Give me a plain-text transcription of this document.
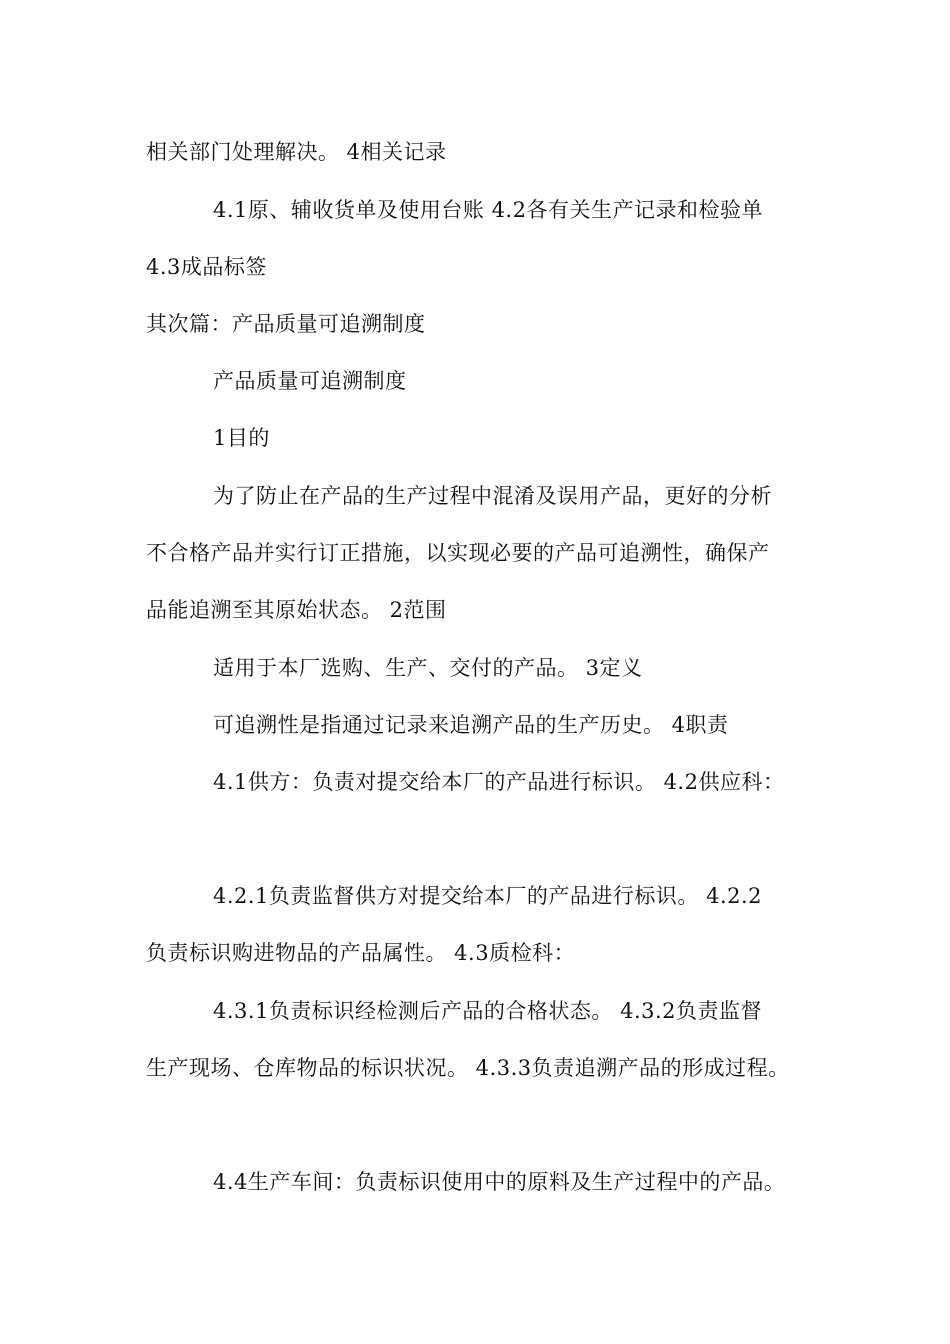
相关部门处理解决。 4相关记录
4.1原、辅收货单及使用台账 4.2各有关生产记录和检验单
4.3成品标签
其次篇：产品质量可追溯制度
产品质量可追溯制度
1目的
为了防止在产品的生产过程中混淆及误用产品，更好的分析
不合格产品并实行订正措施，以实现必要的产品可追溯性，确保产
品能追溯至其原始状态。 2范围
适用于本厂选购、生产、交付的产品。 3定义
可追溯性是指通过记录来追溯产品的生产历史。 4职责
4.1供方：负责对提交给本厂的产品进行标识。 4.2供应科：
4.2.1负责监督供方对提交给本厂的产品进行标识。 4.2.2
负责标识购进物品的产品属性。 4.3质检科：
4.3.1负责标识经检测后产品的合格状态。 4.3.2负责监督
生产现场、仓库物品的标识状况。 4.3.3负责追溯产品的形成过程。
4.4生产车间：负责标识使用中的原料及生产过程中的产品。
